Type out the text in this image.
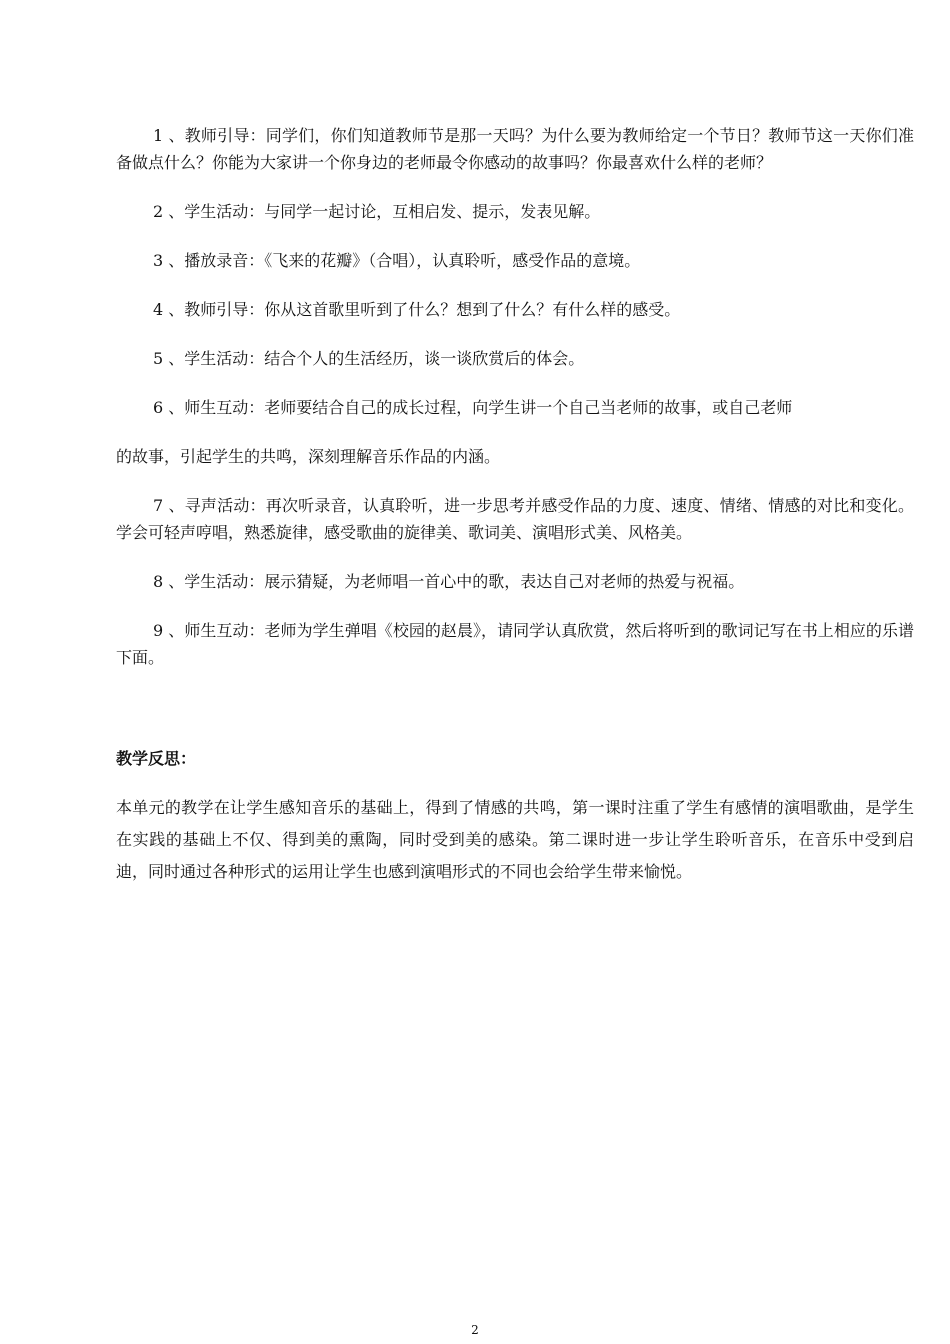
1 、教师引导：同学们，你们知道教师节是那一天吗？为什么要为教师给定一个节日？教师节这一天你们准备做点什么？你能为大家讲一个你身边的老师最令你感动的故事吗？你最喜欢什么样的老师？

2 、学生活动：与同学一起讨论，互相启发、提示，发表见解。

3 、播放录音：《飞来的花瓣》（合唱），认真聆听，感受作品的意境。

4 、教师引导：你从这首歌里听到了什么？想到了什么？有什么样的感受。

5 、学生活动：结合个人的生活经历，谈一谈欣赏后的体会。

6 、师生互动：老师要结合自己的成长过程，向学生讲一个自己当老师的故事，或自己老师

的故事，引起学生的共鸣，深刻理解音乐作品的内涵。

7 、寻声活动：再次听录音，认真聆听，进一步思考并感受作品的力度、速度、情绪、情感的对比和变化。学会可轻声哼唱，熟悉旋律，感受歌曲的旋律美、歌词美、演唱形式美、风格美。

8 、学生活动：展示猜疑，为老师唱一首心中的歌，表达自己对老师的热爱与祝福。

9 、师生互动：老师为学生弹唱《校园的赵晨》，请同学认真欣赏，然后将听到的歌词记写在书上相应的乐谱下面。

教学反思：

本单元的教学在让学生感知音乐的基础上，得到了情感的共鸣，第一课时注重了学生有感情的演唱歌曲，是学生在实践的基础上不仅、得到美的熏陶，同时受到美的感染。第二课时进一步让学生聆听音乐，在音乐中受到启迪，同时通过各种形式的运用让学生也感到演唱形式的不同也会给学生带来愉悦。

2
